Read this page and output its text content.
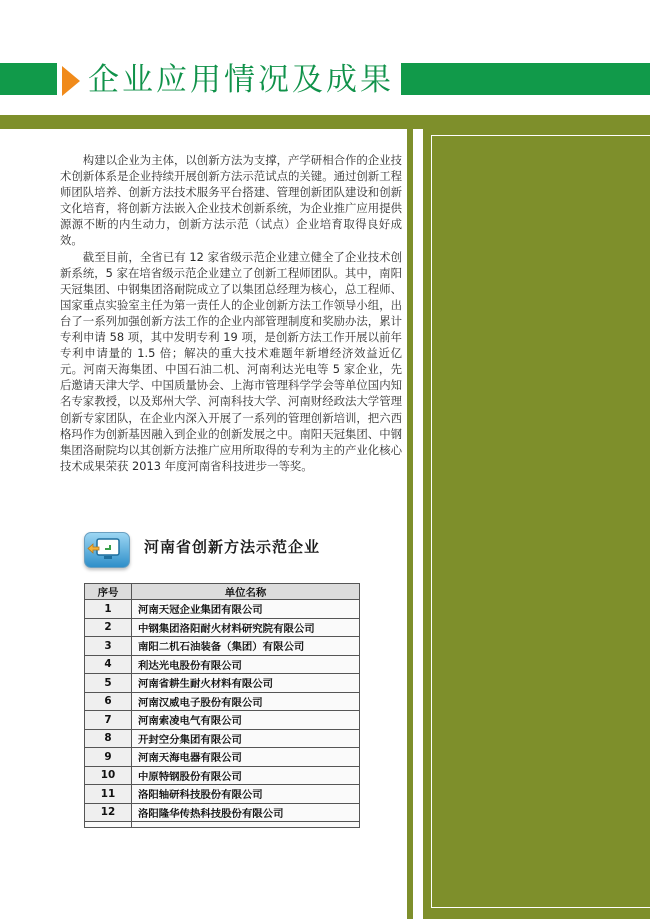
企业应用情况及成果

构建以企业为主体，以创新方法为支撑，产学研相合作的企业技术创新体系是企业持续开展创新方法示范试点的关键。通过创新工程师团队培养、创新方法技术服务平台搭建、管理创新团队建设和创新文化培育，将创新方法嵌入企业技术创新系统，为企业推广应用提供源源不断的内生动力，创新方法示范（试点）企业培育取得良好成效。

截至目前，全省已有 12 家省级示范企业建立健全了企业技术创新系统，5 家在培省级示范企业建立了创新工程师团队。其中，南阳天冠集团、中钢集团洛耐院成立了以集团总经理为核心，总工程师、国家重点实验室主任为第一责任人的企业创新方法工作领导小组，出台了一系列加强创新方法工作的企业内部管理制度和奖励办法，累计专利申请 58 项，其中发明专利 19 项，是创新方法工作开展以前年专利申请量的 1.5 倍；解决的重大技术难题年新增经济效益近亿元。河南天海集团、中国石油二机、河南利达光电等 5 家企业，先后邀请天津大学、中国质量协会、上海市管理科学学会等单位国内知名专家教授，以及郑州大学、河南科技大学、河南财经政法大学管理创新专家团队，在企业内深入开展了一系列的管理创新培训，把六西格玛作为创新基因融入到企业的创新发展之中。南阳天冠集团、中钢集团洛耐院均以其创新方法推广应用所取得的专利为主的产业化核心技术成果荣获 2013 年度河南省科技进步一等奖。

河南省创新方法示范企业
序号	单位名称
1	河南天冠企业集团有限公司
2	中钢集团洛阳耐火材料研究院有限公司
3	南阳二机石油装备（集团）有限公司
4	利达光电股份有限公司
5	河南省耕生耐火材料有限公司
6	河南汉威电子股份有限公司
7	河南索凌电气有限公司
8	开封空分集团有限公司
9	河南天海电器有限公司
10	中原特钢股份有限公司
11	洛阳轴研科技股份有限公司
12	洛阳隆华传热科技股份有限公司
